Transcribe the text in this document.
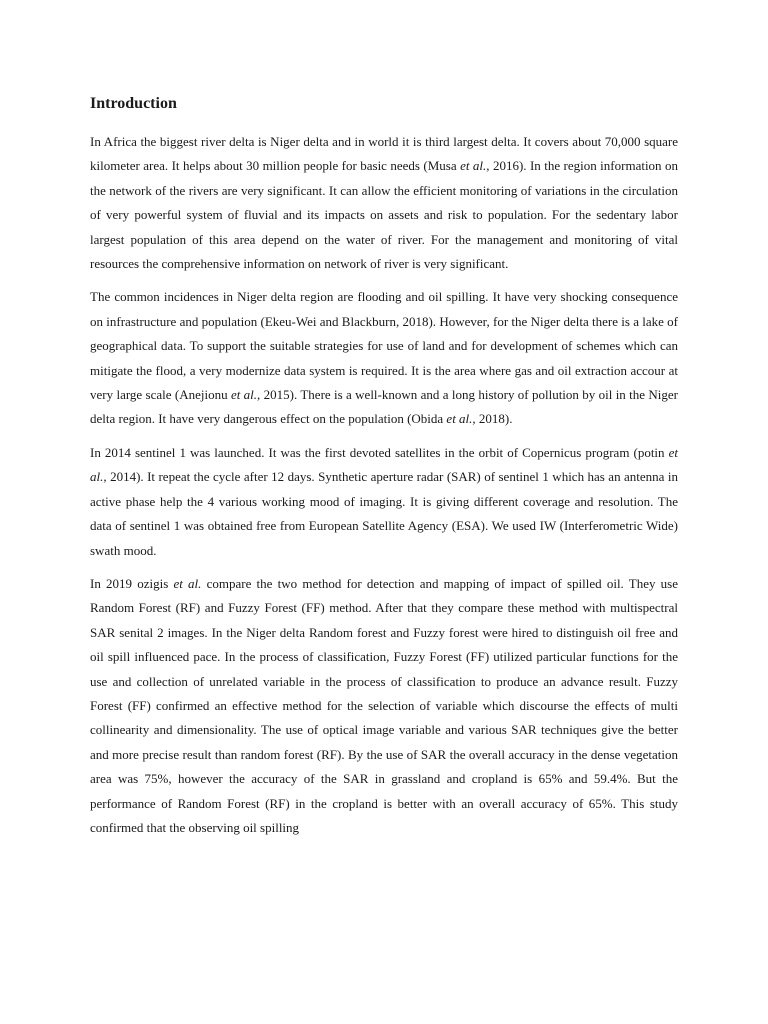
Introduction

In Africa the biggest river delta is Niger delta and in world it is third largest delta. It covers about 70,000 square kilometer area. It helps about 30 million people for basic needs (Musa et al., 2016). In the region information on the network of the rivers are very significant. It can allow the efficient monitoring of variations in the circulation of very powerful system of fluvial and its impacts on assets and risk to population. For the sedentary labor largest population of this area depend on the water of river. For the management and monitoring of vital resources the comprehensive information on network of river is very significant.

The common incidences in Niger delta region are flooding and oil spilling. It have very shocking consequence on infrastructure and population (Ekeu-Wei and Blackburn, 2018). However, for the Niger delta there is a lake of geographical data. To support the suitable strategies for use of land and for development of schemes which can mitigate the flood, a very modernize data system is required. It is the area where gas and oil extraction accour at very large scale (Anejionu et al., 2015). There is a well-known and a long history of pollution by oil in the Niger delta region. It have very dangerous effect on the population (Obida et al., 2018).

In 2014 sentinel 1 was launched. It was the first devoted satellites in the orbit of Copernicus program (potin et al., 2014). It repeat the cycle after 12 days. Synthetic aperture radar (SAR) of sentinel 1 which has an antenna in active phase help the 4 various working mood of imaging. It is giving different coverage and resolution. The data of sentinel 1 was obtained free from European Satellite Agency (ESA). We used IW (Interferometric Wide) swath mood.

In 2019 ozigis et al. compare the two method for detection and mapping of impact of spilled oil. They use Random Forest (RF) and Fuzzy Forest (FF) method. After that they compare these method with multispectral SAR senital 2 images. In the Niger delta Random forest and Fuzzy forest were hired to distinguish oil free and oil spill influenced pace. In the process of classification, Fuzzy Forest (FF) utilized particular functions for the use and collection of unrelated variable in the process of classification to produce an advance result. Fuzzy Forest (FF) confirmed an effective method for the selection of variable which discourse the effects of multi collinearity and dimensionality. The use of optical image variable and various SAR techniques give the better and more precise result than random forest (RF). By the use of SAR the overall accuracy in the dense vegetation area was 75%, however the accuracy of the SAR in grassland and cropland is 65% and 59.4%. But the performance of Random Forest (RF) in the cropland is better with an overall accuracy of 65%. This study confirmed that the observing oil spilling
